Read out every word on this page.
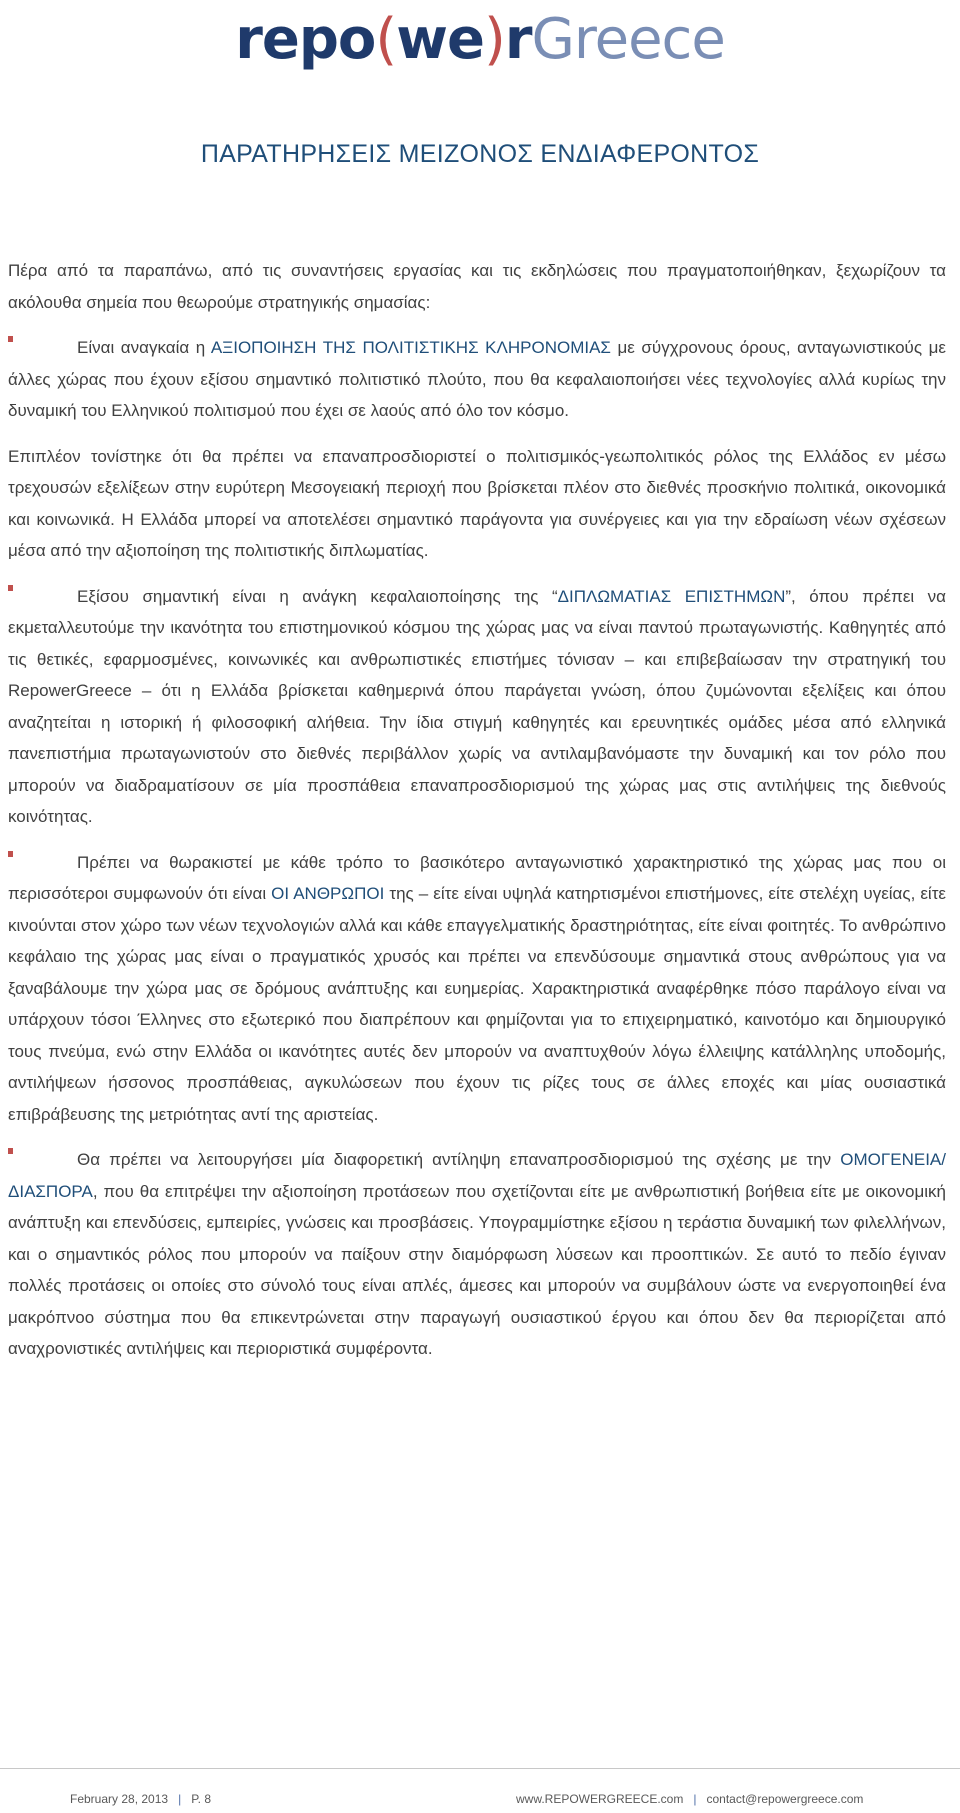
repo(we)rGreece
ΠΑΡΑΤΗΡΗΣΕΙΣ ΜΕΙΖΟΝΟΣ ΕΝΔΙΑΦΕΡΟΝΤΟΣ

Πέρα από τα παραπάνω, από τις συναντήσεις εργασίας και τις εκδηλώσεις που πραγματοποιήθηκαν, ξεχωρίζουν τα ακόλουθα σημεία που θεωρούμε στρατηγικής σημασίας:

Είναι αναγκαία η ΑΞΙΟΠΟΙΗΣΗ ΤΗΣ ΠΟΛΙΤΙΣΤΙΚΗΣ ΚΛΗΡΟΝΟΜΙΑΣ με σύγχρονους όρους, ανταγωνιστικούς με άλλες χώρας που έχουν εξίσου σημαντικό πολιτιστικό πλούτο, που θα κεφαλαιοποιήσει νέες τεχνολογίες αλλά κυρίως την δυναμική του Ελληνικού πολιτισμού που έχει σε λαούς από όλο τον κόσμο.

Επιπλέον τονίστηκε ότι θα πρέπει να επαναπροσδιοριστεί ο πολιτισμικός-γεωπολιτικός ρόλος της Ελλάδος εν μέσω τρεχουσών εξελίξεων στην ευρύτερη Μεσογειακή περιοχή που βρίσκεται πλέον στο διεθνές προσκήνιο πολιτικά, οικονομικά και κοινωνικά. Η Ελλάδα μπορεί να αποτελέσει σημαντικό παράγοντα για συνέργειες και για την εδραίωση νέων σχέσεων μέσα από την αξιοποίηση της πολιτιστικής διπλωματίας.

Εξίσου σημαντική είναι η ανάγκη κεφαλαιοποίησης της “ΔΙΠΛΩΜΑΤΙΑΣ ΕΠΙΣΤΗΜΩΝ”, όπου πρέπει να εκμεταλλευτούμε την ικανότητα του επιστημονικού κόσμου της χώρας μας να είναι παντού πρωταγωνιστής. Καθηγητές από τις θετικές, εφαρμοσμένες, κοινωνικές και ανθρωπιστικές επιστήμες τόνισαν – και επιβεβαίωσαν την στρατηγική του RepowerGreece – ότι η Ελλάδα βρίσκεται καθημερινά όπου παράγεται γνώση, όπου ζυμώνονται εξελίξεις και όπου αναζητείται η ιστορική ή φιλοσοφική αλήθεια. Την ίδια στιγμή καθηγητές και ερευνητικές ομάδες μέσα από ελληνικά πανεπιστήμια πρωταγωνιστούν στο διεθνές περιβάλλον χωρίς να αντιλαμβανόμαστε την δυναμική και τον ρόλο που μπορούν να διαδραματίσουν σε μία προσπάθεια επαναπροσδιορισμού της χώρας μας στις αντιλήψεις της διεθνούς κοινότητας.

Πρέπει να θωρακιστεί με κάθε τρόπο το βασικότερο ανταγωνιστικό χαρακτηριστικό της χώρας μας που οι περισσότεροι συμφωνούν ότι είναι ΟΙ ΑΝΘΡΩΠΟΙ της – είτε είναι υψηλά κατηρτισμένοι επιστήμονες, είτε στελέχη υγείας, είτε κινούνται στον χώρο των νέων τεχνολογιών αλλά και κάθε επαγγελματικής δραστηριότητας, είτε είναι φοιτητές. Το ανθρώπινο κεφάλαιο της χώρας μας είναι ο πραγματικός χρυσός και πρέπει να επενδύσουμε σημαντικά στους ανθρώπους για να ξαναβάλουμε την χώρα μας σε δρόμους ανάπτυξης και ευημερίας. Χαρακτηριστικά αναφέρθηκε πόσο παράλογο είναι να υπάρχουν τόσοι Έλληνες στο εξωτερικό που διαπρέπουν και φημίζονται για το επιχειρηματικό, καινοτόμο και δημιουργικό τους πνεύμα, ενώ στην Ελλάδα οι ικανότητες αυτές δεν μπορούν να αναπτυχθούν λόγω έλλειψης κατάλληλης υποδομής, αντιλήψεων ήσσονος προσπάθειας, αγκυλώσεων που έχουν τις ρίζες τους σε άλλες εποχές και μίας ουσιαστικά επιβράβευσης της μετριότητας αντί της αριστείας.

Θα πρέπει να λειτουργήσει μία διαφορετική αντίληψη επαναπροσδιορισμού της σχέσης με την ΟΜΟΓΕΝΕΙΑ/ΔΙΑΣΠΟΡΑ, που θα επιτρέψει την αξιοποίηση προτάσεων που σχετίζονται είτε με ανθρωπιστική βοήθεια είτε με οικονομική ανάπτυξη και επενδύσεις, εμπειρίες, γνώσεις και προσβάσεις. Υπογραμμίστηκε εξίσου η τεράστια δυναμική των φιλελλήνων, και ο σημαντικός ρόλος που μπορούν να παίξουν στην διαμόρφωση λύσεων και προοπτικών. Σε αυτό το πεδίο έγιναν πολλές προτάσεις οι οποίες στο σύνολό τους είναι απλές, άμεσες και μπορούν να συμβάλουν ώστε να ενεργοποιηθεί ένα μακρόπνοο σύστημα που θα επικεντρώνεται στην παραγωγή ουσιαστικού έργου και όπου δεν θα περιορίζεται από αναχρονιστικές αντιλήψεις και περιοριστικά συμφέροντα.

February 28, 2013 | P. 8	www.REPOWERGREECE.com | contact@repowergreece.com
